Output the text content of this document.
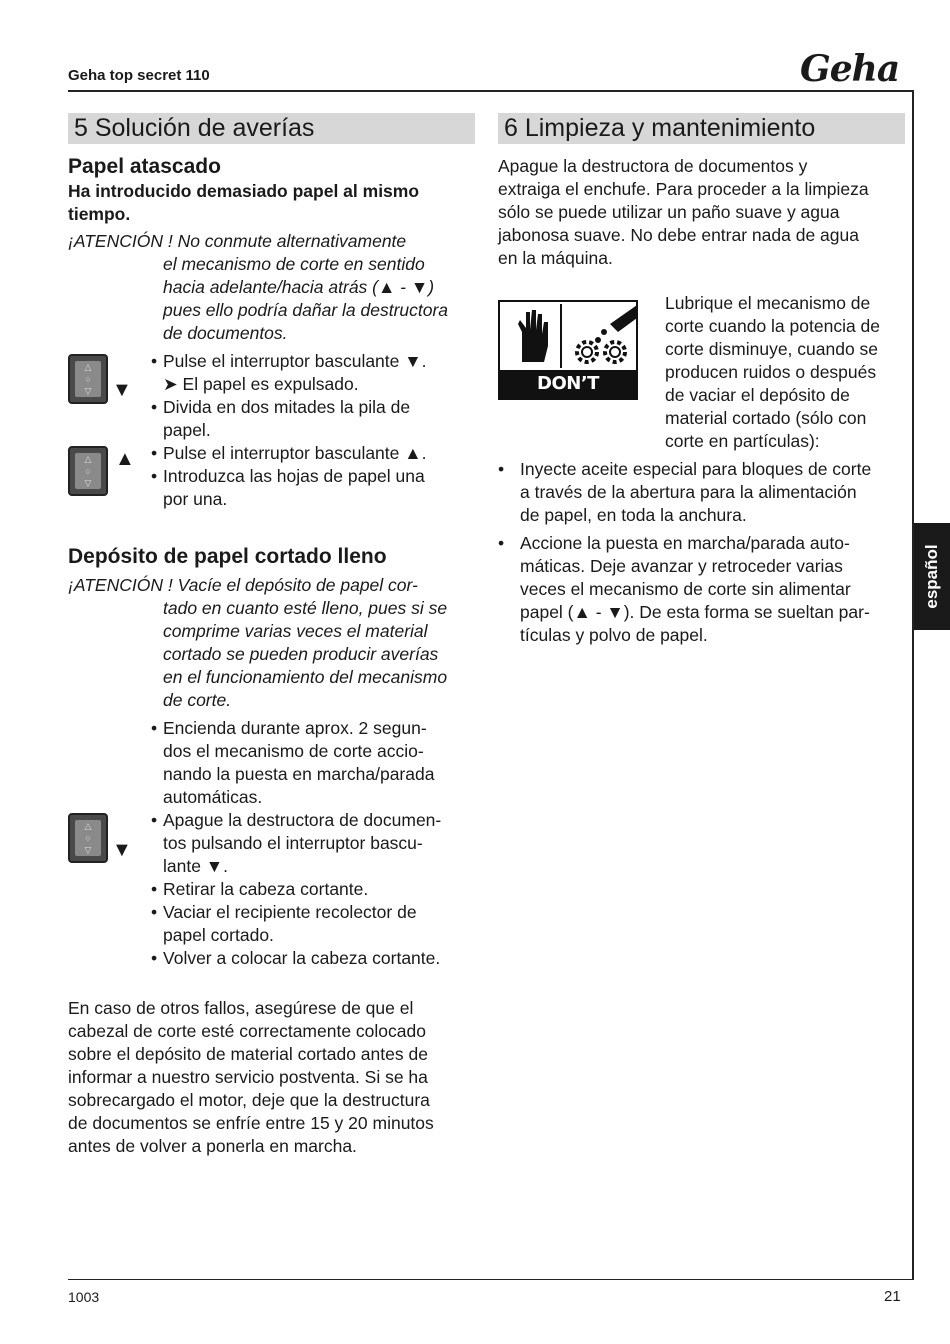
Geha top secret 110	Geha
5 Solución de averías
Papel atascado
Ha introducido demasiado papel al mismo tiempo.
¡ATENCIÓN ! No conmute alternativamente
el mecanismo de corte en sentido
hacia adelante/hacia atrás (▲ - ▼)
pues ello podría dañar la destructora
de documentos.
△
○
▽	▼
• Pulse el interruptor basculante ▼.
➤ El papel es expulsado.
• Divida en dos mitades la pila de
papel.
△
○
▽
▲
•	Pulse el interruptor basculante ▲.
• Introduzca las hojas de papel una
por una.
Depósito de papel cortado lleno
¡ATENCIÓN ! Vacíe el depósito de papel cor-
tado en cuanto esté lleno, pues si se
comprime varias veces el material
cortado se pueden producir averías
en el funcionamiento del mecanismo
de corte.
• Encienda durante aprox. 2 segun-
dos el mecanismo de corte accio-
nando la puesta en marcha/parada
automáticas.
• Apague la destructora de documen-
tos pulsando el interruptor bascu-
lante ▼.
• Retirar la cabeza cortante.
• Vaciar el recipiente recolector de
papel cortado.
• Volver a colocar la cabeza cortante.
△
○
▽	▼
En caso de otros fallos, asegúrese de que el
cabezal de corte esté correctamente colocado
sobre el depósito de material cortado antes de
informar a nuestro servicio postventa. Si se ha
sobrecargado el motor, deje que la destructura
de documentos se enfríe entre 15 y 20 minutos
antes de volver a ponerla en marcha.
6 Limpieza y mantenimiento
Apague la destructora de documentos y
extraiga el enchufe. Para proceder a la limpieza
sólo se puede utilizar un paño suave y agua
jabonosa suave. No debe entrar nada de agua
en la máquina.
DON’T FORGET
Lubrique el mecanismo de
corte cuando la potencia de
corte disminuye, cuando se
producen ruidos o después
de vaciar el depósito de
material cortado (sólo con
corte en partículas):
• Inyecte aceite especial para bloques de corte
a través de la abertura para la alimentación
de papel, en toda la anchura.
• Accione la puesta en marcha/parada auto-
máticas. Deje avanzar y retroceder varias
veces el mecanismo de corte sin alimentar
papel (▲ - ▼). De esta forma se sueltan par-
tículas y polvo de papel.
español
1003	21
